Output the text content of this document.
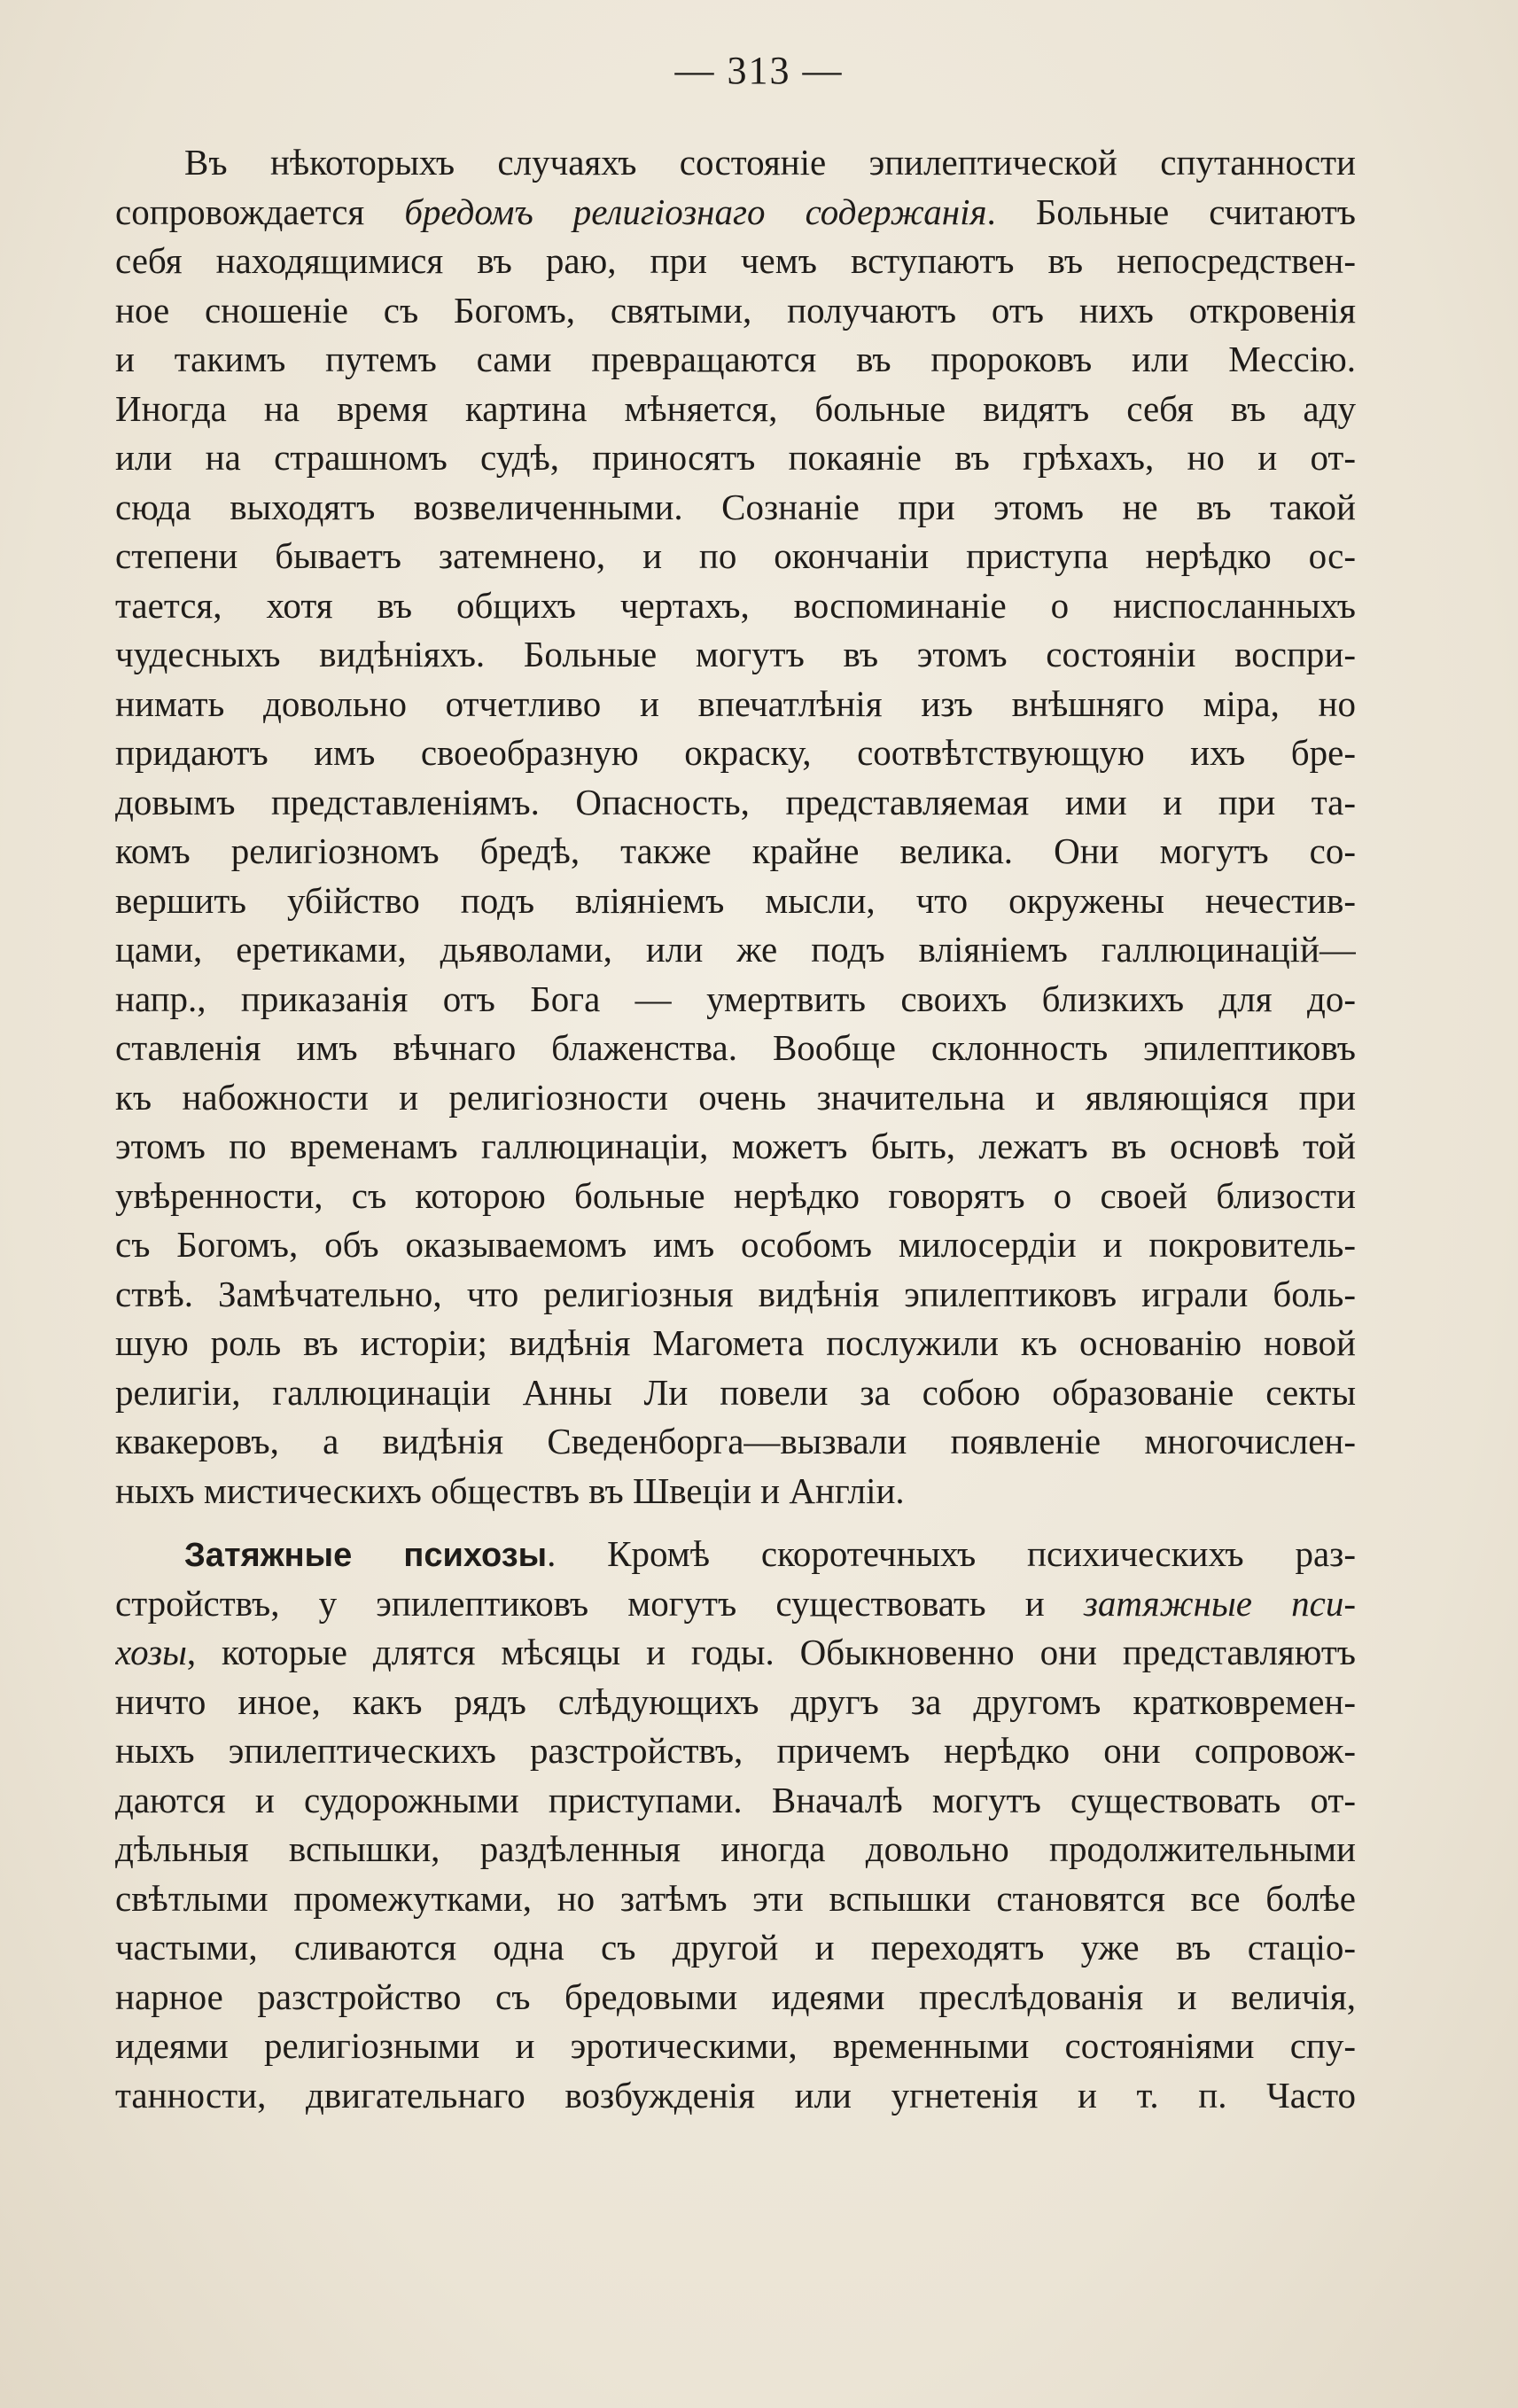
— 313 —
Въ нѣкоторыхъ случаяхъ состояніе эпилептической спутанности
сопровождается бредомъ религіознаго содержанія. Больные считаютъ
себя находящимися въ раю, при чемъ вступаютъ въ непосредствен-
ное сношеніе съ Богомъ, святыми, получаютъ отъ нихъ откровенія
и такимъ путемъ сами превращаются въ пророковъ или Мессію.
Иногда на время картина мѣняется, больные видятъ себя въ аду
или на страшномъ судѣ, приносятъ покаяніе въ грѣхахъ, но и от-
сюда выходятъ возвеличенными. Сознаніе при этомъ не въ такой
степени бываетъ затемнено, и по окончаніи приступа нерѣдко ос-
тается, хотя въ общихъ чертахъ, воспоминаніе о ниспосланныхъ
чудесныхъ видѣніяхъ. Больные могутъ въ этомъ состояніи воспри-
нимать довольно отчетливо и впечатлѣнія изъ внѣшняго міра, но
придаютъ имъ своеобразную окраску, соотвѣтствующую ихъ бре-
довымъ представленіямъ. Опасность, представляемая ими и при та-
комъ религіозномъ бредѣ, также крайне велика. Они могутъ со-
вершить убійство подъ вліяніемъ мысли, что окружены нечестив-
цами, еретиками, дьяволами, или же подъ вліяніемъ галлюцинацій—
напр., приказанія отъ Бога — умертвить своихъ близкихъ для до-
ставленія имъ вѣчнаго блаженства. Вообще склонность эпилептиковъ
къ набожности и религіозности очень значительна и являющіяся при
этомъ по временамъ галлюцинаціи, можетъ быть, лежатъ въ основѣ той
увѣренности, съ которою больные нерѣдко говорятъ о своей близости
съ Богомъ, объ оказываемомъ имъ особомъ милосердіи и покровитель-
ствѣ. Замѣчательно, что религіозныя видѣнія эпилептиковъ играли боль-
шую роль въ исторіи; видѣнія Магомета послужили къ основанію новой
религіи, галлюцинаціи Анны Ли повели за собою образованіе секты
квакеровъ, а видѣнія Сведенборга—вызвали появленіе многочислен-
ныхъ мистическихъ обществъ въ Швеціи и Англіи.
Затяжные психозы. Кромѣ скоротечныхъ психическихъ раз-
стройствъ, у эпилептиковъ могутъ существовать и затяжные пси-
хозы, которые длятся мѣсяцы и годы. Обыкновенно они представляютъ
ничто иное, какъ рядъ слѣдующихъ другъ за другомъ кратковремен-
ныхъ эпилептическихъ разстройствъ, причемъ нерѣдко они сопровож-
даются и судорожными приступами. Вначалѣ могутъ существовать от-
дѣльныя вспышки, раздѣленныя иногда довольно продолжительными
свѣтлыми промежутками, но затѣмъ эти вспышки становятся все болѣе
частыми, сливаются одна съ другой и переходятъ уже въ стаціо-
нарное разстройство съ бредовыми идеями преслѣдованія и величія,
идеями религіозными и эротическими, временными состояніями спу-
танности, двигательнаго возбужденія или угнетенія и т. п. Часто
